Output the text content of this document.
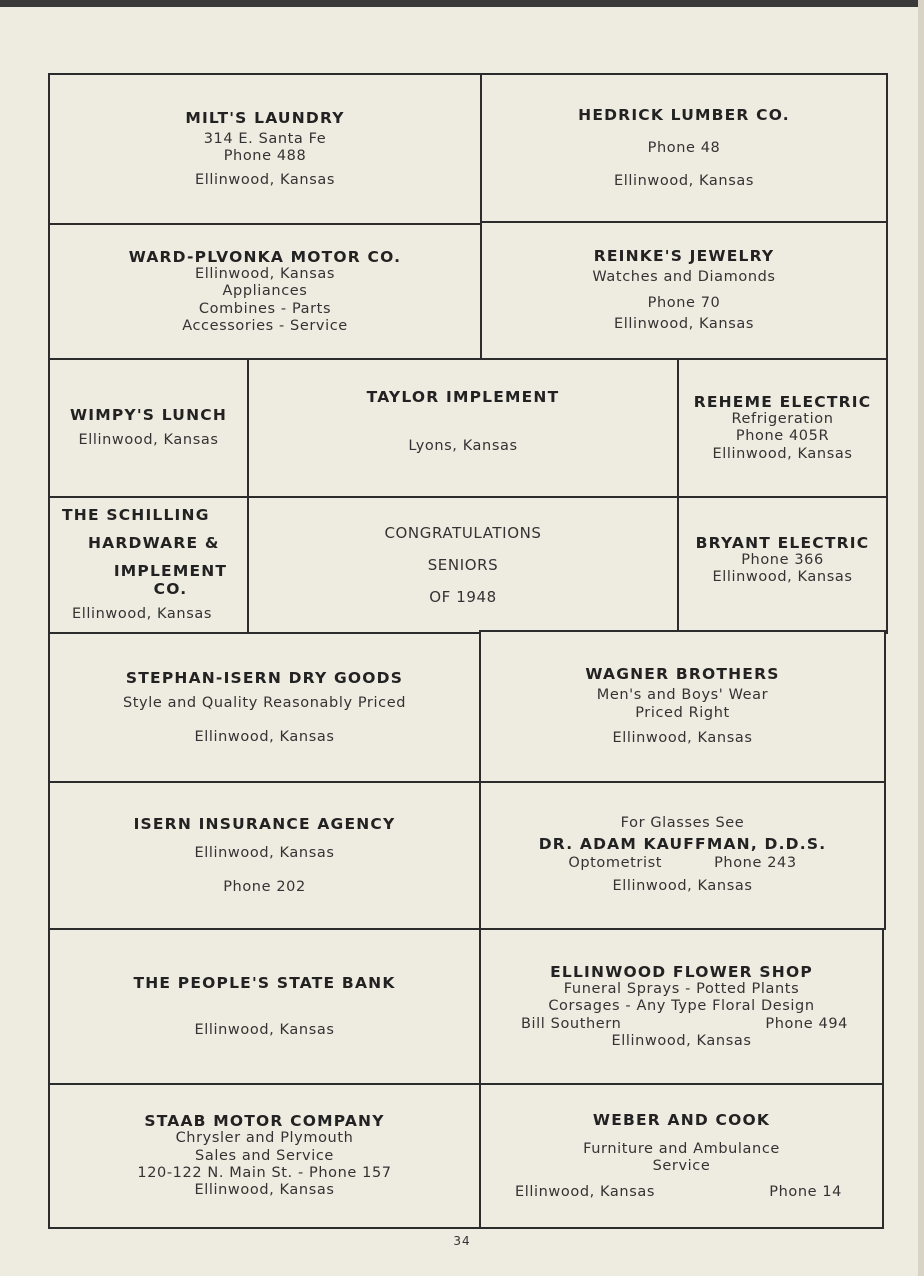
MILT'S LAUNDRY
314 E. Santa Fe
Phone 488
Ellinwood, Kansas
HEDRICK LUMBER CO.
Phone 48
Ellinwood, Kansas
WARD-PLVONKA MOTOR CO.
Ellinwood, Kansas
Appliances
Combines - Parts
Accessories - Service
REINKE'S JEWELRY
Watches and Diamonds
Phone 70
Ellinwood, Kansas
WIMPY'S LUNCH
Ellinwood, Kansas
TAYLOR IMPLEMENT
Lyons, Kansas
REHEME ELECTRIC
Refrigeration
Phone 405R
Ellinwood, Kansas
THE SCHILLING
HARDWARE &
IMPLEMENT CO.
Ellinwood, Kansas
CONGRATULATIONS
SENIORS
OF 1948
BRYANT ELECTRIC
Phone 366
Ellinwood, Kansas
STEPHAN-ISERN DRY GOODS
Style and Quality Reasonably Priced
Ellinwood, Kansas
WAGNER BROTHERS
Men's and Boys' Wear
Priced Right
Ellinwood, Kansas
ISERN INSURANCE AGENCY
Ellinwood, Kansas
Phone 202
For Glasses See
DR. ADAM KAUFFMAN, D.D.S.
Optometrist	Phone 243
Ellinwood, Kansas
THE PEOPLE'S STATE BANK
Ellinwood, Kansas
ELLINWOOD FLOWER SHOP
Funeral Sprays - Potted Plants
Corsages - Any Type Floral Design
Bill Southern	Phone 494
Ellinwood, Kansas
STAAB MOTOR COMPANY
Chrysler and Plymouth
Sales and Service
120-122 N. Main St. - Phone 157
Ellinwood, Kansas
WEBER AND COOK
Furniture and Ambulance
Service
Ellinwood, Kansas	Phone 14
34
